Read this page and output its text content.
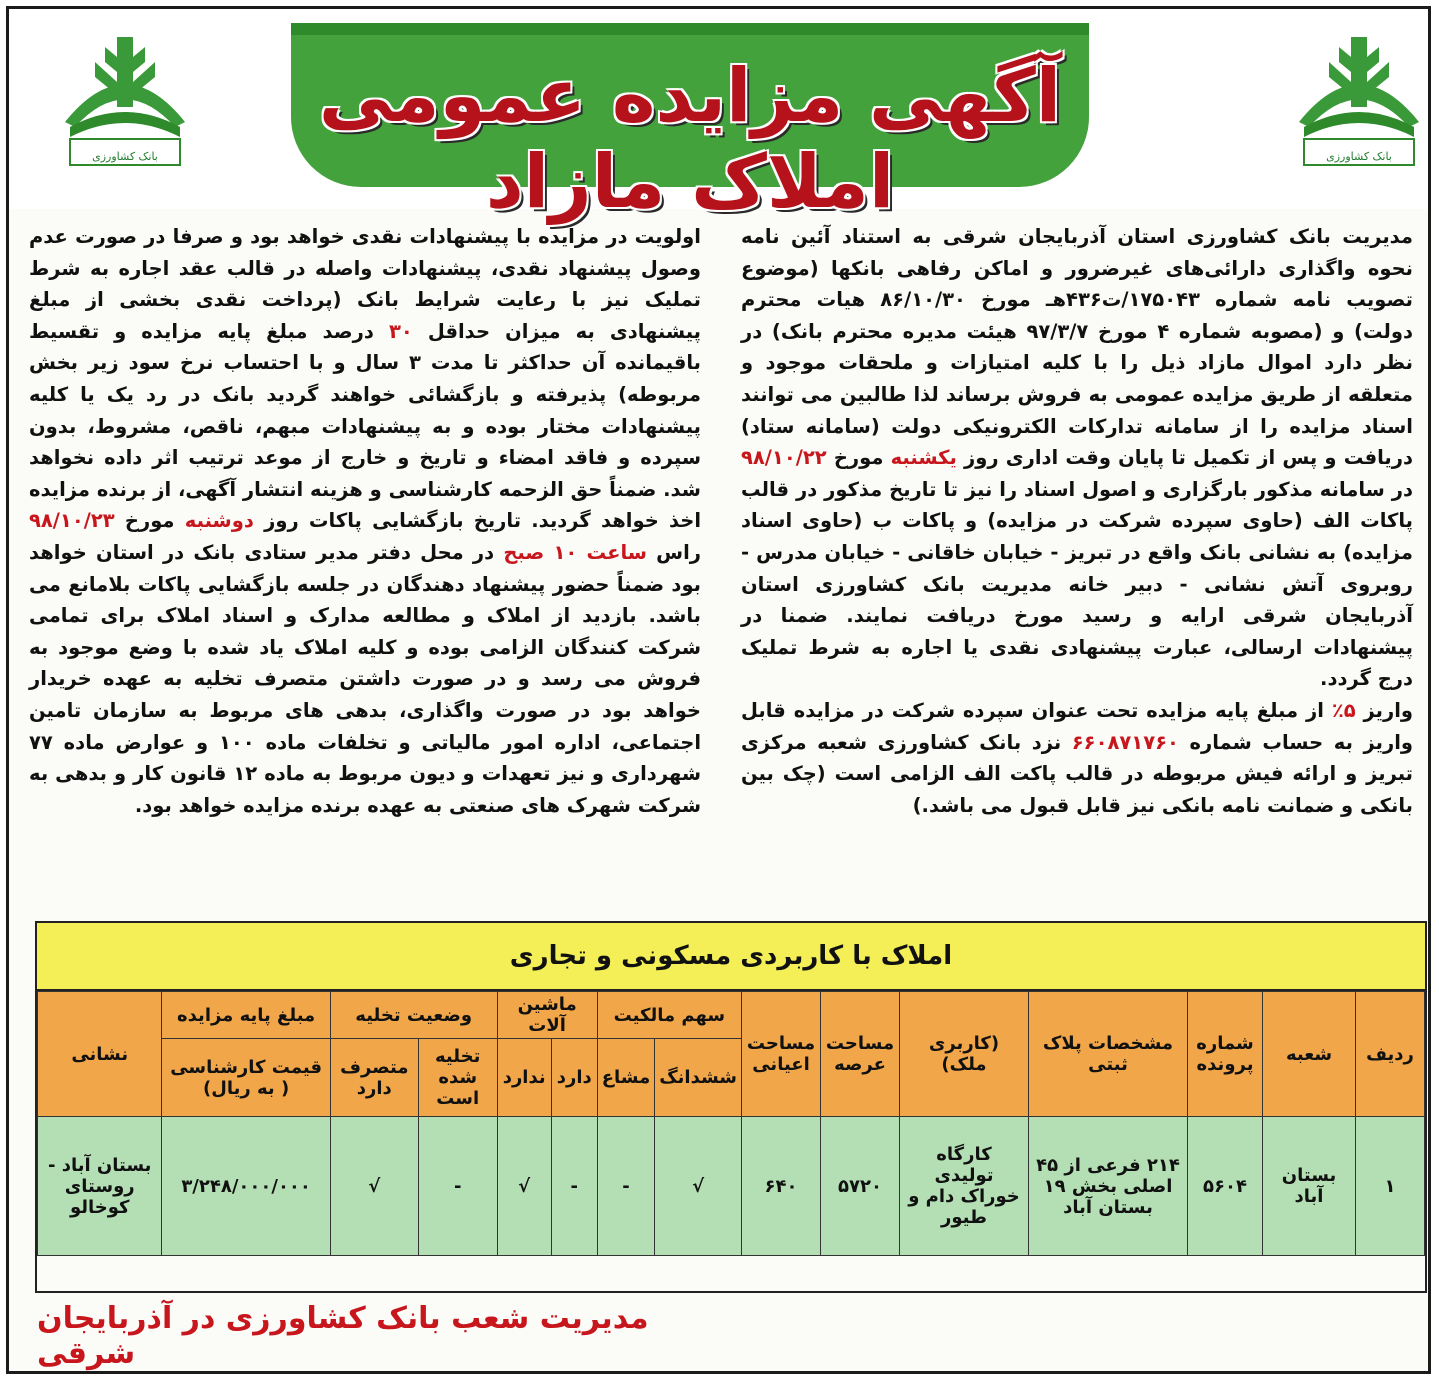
بانک کشاورزی
آگهی مزایده عمومی املاک مازاد	بانک کشاورزی

مدیریت بانک کشاورزی استان آذربایجان شرقی به استناد آئین نامه نحوه واگذاری دارائی‌های غیرضرور و اماکن رفاهی بانکها (موضوع تصویب نامه شماره ۱۷۵۰۴۳/ت۴۳۶هـ مورخ ۸۶/۱۰/۳۰ هیات محترم دولت) و (مصوبه شماره ۴ مورخ ۹۷/۳/۷ هیئت مدیره محترم بانک) در نظر دارد اموال مازاد ذیل را با کلیه امتیازات و ملحقات موجود و متعلقه از طریق مزایده عمومی به فروش برساند لذا طالبین می توانند اسناد مزایده را از سامانه تدارکات الکترونیکی دولت (سامانه ستاد) دریافت و پس از تکمیل تا پایان وقت اداری روز یکشنبه مورخ ۹۸/۱۰/۲۲ در سامانه مذکور بارگزاری و اصول اسناد را نیز تا تاریخ مذکور در قالب پاکات الف (حاوی سپرده شرکت در مزایده) و پاکات ب (حاوی اسناد مزایده) به نشانی بانک واقع در تبریز - خیابان خاقانی - خیابان مدرس - روبروی آتش نشانی - دبیر خانه مدیریت بانک کشاورزی استان آذربایجان شرقی ارایه و رسید مورخ دریافت نمایند. ضمنا در پیشنهادات ارسالی، عبارت پیشنهادی نقدی یا اجاره به شرط تملیک درج گردد.

واریز ۵٪ از مبلغ پایه مزایده تحت عنوان سپرده شرکت در مزایده قابل واریز به حساب شماره ۶۶۰۸۷۱۷۶۰ نزد بانک کشاورزی شعبه مرکزی تبریز و ارائه فیش مربوطه در قالب پاکت الف الزامی است (چک بین بانکی و ضمانت نامه بانکی نیز قابل قبول می باشد.)

اولویت در مزایده با پیشنهادات نقدی خواهد بود و صرفا در صورت عدم وصول پیشنهاد نقدی، پیشنهادات واصله در قالب عقد اجاره به شرط تملیک نیز با رعایت شرایط بانک (پرداخت نقدی بخشی از مبلغ پیشنهادی به میزان حداقل ۳۰ درصد مبلغ پایه مزایده و تقسیط باقیمانده آن حداکثر تا مدت ۳ سال و با احتساب نرخ سود زیر بخش مربوطه) پذیرفته و بازگشائی خواهند گردید بانک در رد یک یا کلیه پیشنهادات مختار بوده و به پیشنهادات مبهم، ناقص، مشروط، بدون سپرده و فاقد امضاء و تاریخ و خارج از موعد ترتیب اثر داده نخواهد شد. ضمناً حق الزحمه کارشناسی و هزینه انتشار آگهی، از برنده مزایده اخذ خواهد گردید. تاریخ بازگشایی پاکات روز دوشنبه مورخ ۹۸/۱۰/۲۳ راس ساعت ۱۰ صبح در محل دفتر مدیر ستادی بانک در استان خواهد بود ضمناً حضور پیشنهاد دهندگان در جلسه بازگشایی پاکات بلامانع می باشد. بازدید از املاک و مطالعه مدارک و اسناد املاک برای تمامی شرکت کنندگان الزامی بوده و کلیه املاک یاد شده با وضع موجود به فروش می رسد و در صورت داشتن متصرف تخلیه به عهده خریدار خواهد بود در صورت واگذاری، بدهی های مربوط به سازمان تامین اجتماعی، اداره امور مالیاتی و تخلفات ماده ۱۰۰ و عوارض ماده ۷۷ شهرداری و نیز تعهدات و دیون مربوط به ماده ۱۲ قانون کار و بدهی به شرکت شهرک های صنعتی به عهده برنده مزایده خواهد بود.

املاک با کاربردی مسکونی و تجاری
ردیف	شعبه	شماره پرونده	مشخصات پلاک ثبتی	(کاربری ملک)	مساحت عرصه	مساحت اعیانی	سهم مالکیت		ماشین آلات		وضعیت تخلیه		مبلغ پایه مزایده	نشانی
							ششدانگ	مشاع	دارد	ندارد	تخلیه شده است	متصرف دارد	قیمت کارشناسی ( به ریال)	
۱	بستان آباد	۵۶۰۴	۲۱۴ فرعی از ۴۵ اصلی بخش ۱۹ بستان آباد	کارگاه تولیدی خوراک دام و طیور	۵۷۲۰	۶۴۰	√	-	-	√	-	√	۳/۲۴۸/۰۰۰/۰۰۰	بستان آباد - روستای کوخالو
مدیریت شعب بانک کشاورزی در آذربایجان شرقی
